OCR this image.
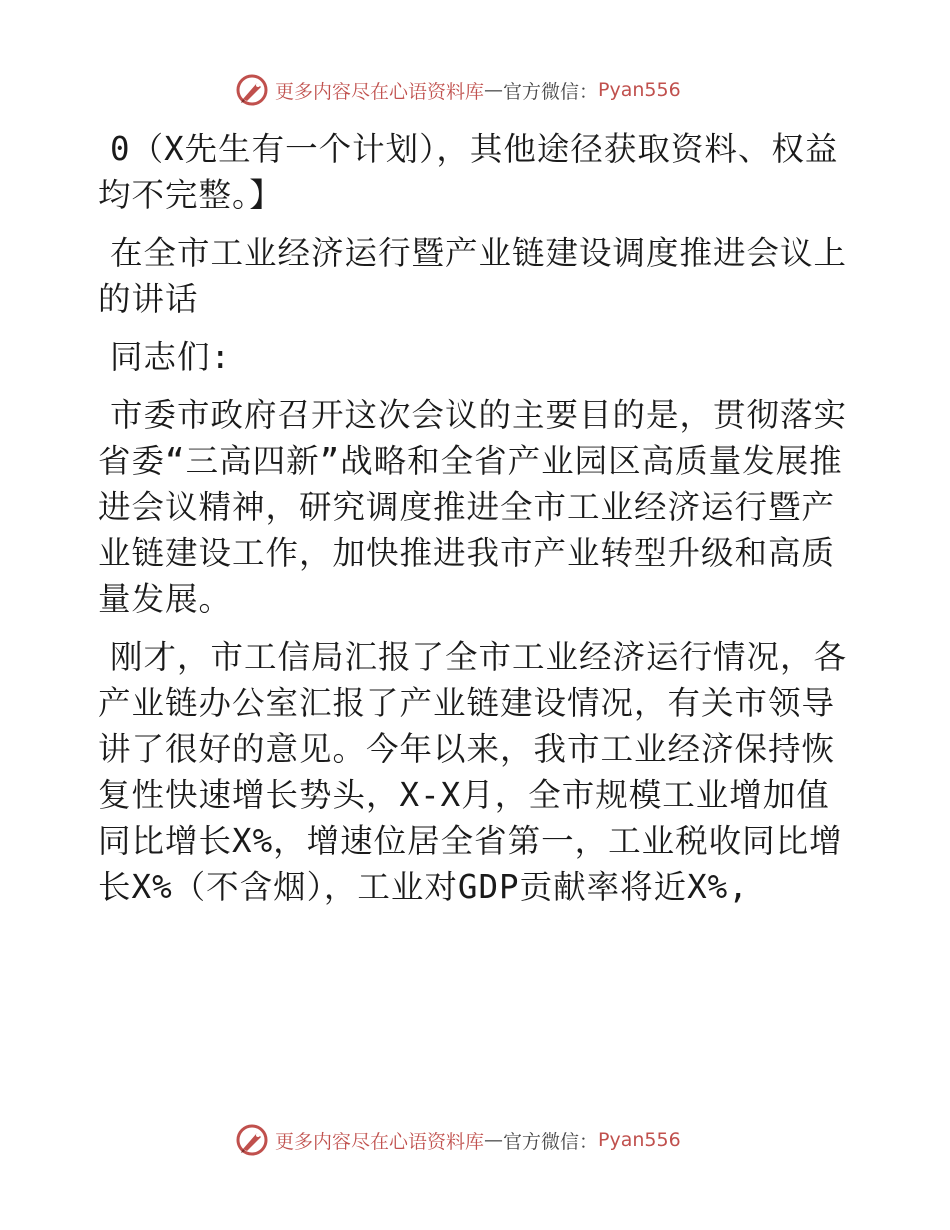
更多内容尽在心语资料库 — 官方微信： Pyan556

0（X先生有一个计划），其他途径获取资料、权益均不完整。】

在全市工业经济运行暨产业链建设调度推进会议上的讲话

同志们:

市委市政府召开这次会议的主要目的是，贯彻落实省委“三高四新”战略和全省产业园区高质量发展推进会议精神，研究调度推进全市工业经济运行暨产业链建设工作，加快推进我市产业转型升级和高质量发展。

刚才，市工信局汇报了全市工业经济运行情况，各产业链办公室汇报了产业链建设情况，有关市领导讲了很好的意见。今年以来，我市工业经济保持恢复性快速增长势头，X-X月，全市规模工业增加值同比增长X%，增速位居全省第一，工业税收同比增长X%（不含烟），工业对GDP贡献率将近X%,

更多内容尽在心语资料库 — 官方微信： Pyan556
